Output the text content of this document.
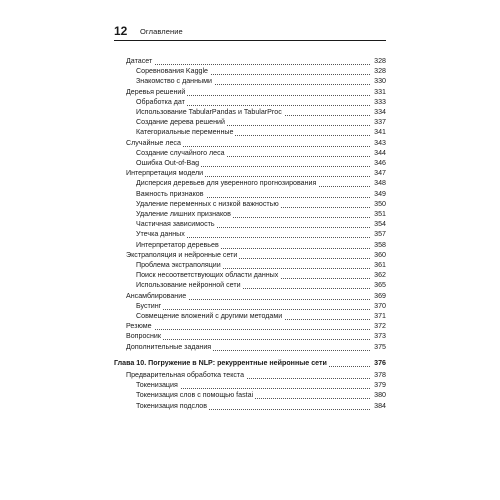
12 Оглавление
Датасет	328
Соревнования Kaggle	328
Знакомство с данными	330
Деревья решений	331
Обработка дат	333
Использование TabularPandas и TabularProc	334
Создание дерева решений	337
Категориальные переменные	341
Случайные леса	343
Создание случайного леса	344
Ошибка Out-of-Bag	346
Интерпретация модели	347
Дисперсия деревьев для уверенного прогнозирования	348
Важность признаков	349
Удаление переменных с низкой важностью	350
Удаление лишних признаков	351
Частичная зависимость	354
Утечка данных	357
Интерпретатор деревьев	358
Экстраполяция и нейронные сети	360
Проблема экстраполяции	361
Поиск несоответствующих области данных	362
Использование нейронной сети	365
Ансамблирование	369
Бустинг	370
Совмещение вложений с другими методами	371
Резюме	372
Вопросник	373
Дополнительные задания	375
Глава 10. Погружение в NLP: рекуррентные нейронные сети	376
Предварительная обработка текста	378
Токенизация	379
Токенизация слов с помощью fastai	380
Токенизация подслов	384
